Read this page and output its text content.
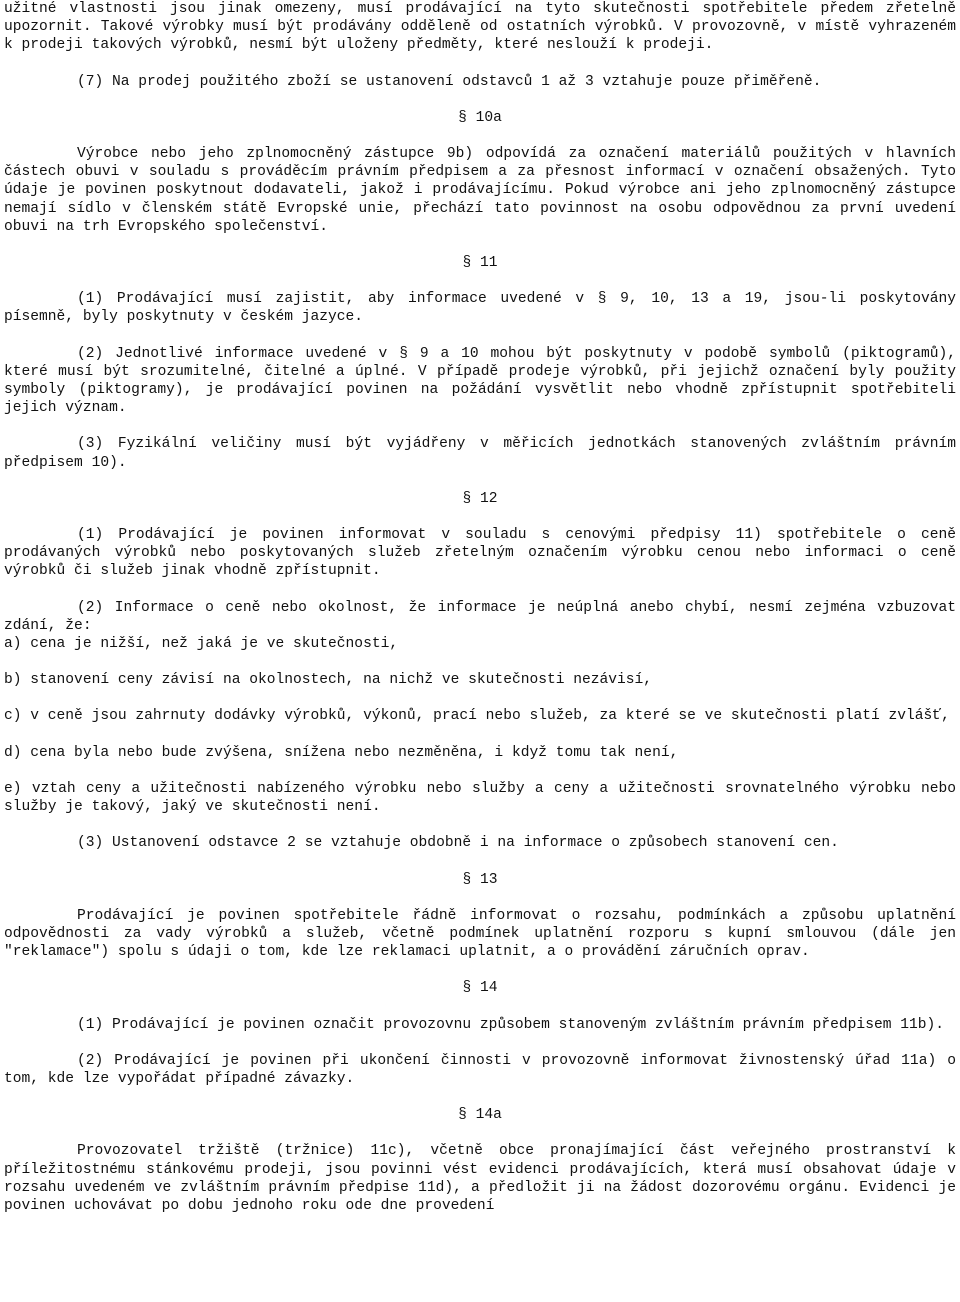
užitné vlastnosti jsou jinak omezeny, musí prodávající na tyto skutečnosti spotřebitele předem zřetelně upozornit. Takové výrobky musí být prodávány odděleně od ostatních výrobků. V provozovně, v místě vyhrazeném k prodeji takových výrobků, nesmí být uloženy předměty, které neslouží k prodeji.

(7) Na prodej použitého zboží se ustanovení odstavců 1 až 3 vztahuje pouze přiměřeně.

§ 10a

Výrobce nebo jeho zplnomocněný zástupce 9b) odpovídá za označení materiálů použitých v hlavních částech obuvi v souladu s prováděcím právním předpisem a za přesnost informací v označení obsažených. Tyto údaje je povinen poskytnout dodavateli, jakož i prodávajícímu. Pokud výrobce ani jeho zplnomocněný zástupce nemají sídlo v členském státě Evropské unie, přechází tato povinnost na osobu odpovědnou za první uvedení obuvi na trh Evropského společenství.

§ 11

(1) Prodávající musí zajistit, aby informace uvedené v § 9, 10, 13 a 19, jsou-li poskytovány písemně, byly poskytnuty v českém jazyce.

(2) Jednotlivé informace uvedené v § 9 a 10 mohou být poskytnuty v podobě symbolů (piktogramů), které musí být srozumitelné, čitelné a úplné. V případě prodeje výrobků, při jejichž označení byly použity symboly (piktogramy), je prodávající povinen na požádání vysvětlit nebo vhodně zpřístupnit spotřebiteli jejich význam.

(3) Fyzikální veličiny musí být vyjádřeny v měřicích jednotkách stanovených zvláštním právním předpisem 10).

§ 12

(1) Prodávající je povinen informovat v souladu s cenovými předpisy 11) spotřebitele o ceně prodávaných výrobků nebo poskytovaných služeb zřetelným označením výrobku cenou nebo informaci o ceně výrobků či služeb jinak vhodně zpřístupnit.

(2) Informace o ceně nebo okolnost, že informace je neúplná anebo chybí, nesmí zejména vzbuzovat zdání, že:

a) cena je nižší, než jaká je ve skutečnosti,

b) stanovení ceny závisí na okolnostech, na nichž ve skutečnosti nezávisí,

c) v ceně jsou zahrnuty dodávky výrobků, výkonů, prací nebo služeb, za které se ve skutečnosti platí zvlášť,

d) cena byla nebo bude zvýšena, snížena nebo nezměněna, i když tomu tak není,

e) vztah ceny a užitečnosti nabízeného výrobku nebo služby a ceny a užitečnosti srovnatelného výrobku nebo služby je takový, jaký ve skutečnosti není.

(3) Ustanovení odstavce 2 se vztahuje obdobně i na informace o způsobech stanovení cen.

§ 13

Prodávající je povinen spotřebitele řádně informovat o rozsahu, podmínkách a způsobu uplatnění odpovědnosti za vady výrobků a služeb, včetně podmínek uplatnění rozporu s kupní smlouvou (dále jen "reklamace") spolu s údaji o tom, kde lze reklamaci uplatnit, a o provádění záručních oprav.

§ 14

(1) Prodávající je povinen označit provozovnu způsobem stanoveným zvláštním právním předpisem 11b).

(2) Prodávající je povinen při ukončení činnosti v provozovně informovat živnostenský úřad 11a) o tom, kde lze vypořádat případné závazky.

§ 14a

Provozovatel tržiště (tržnice) 11c), včetně obce pronajímající část veřejného prostranství k příležitostnému stánkovému prodeji, jsou povinni vést evidenci prodávajících, která musí obsahovat údaje v rozsahu uvedeném ve zvláštním právním předpise 11d), a předložit ji na žádost dozorovému orgánu. Evidenci je povinen uchovávat po dobu jednoho roku ode dne provedení
